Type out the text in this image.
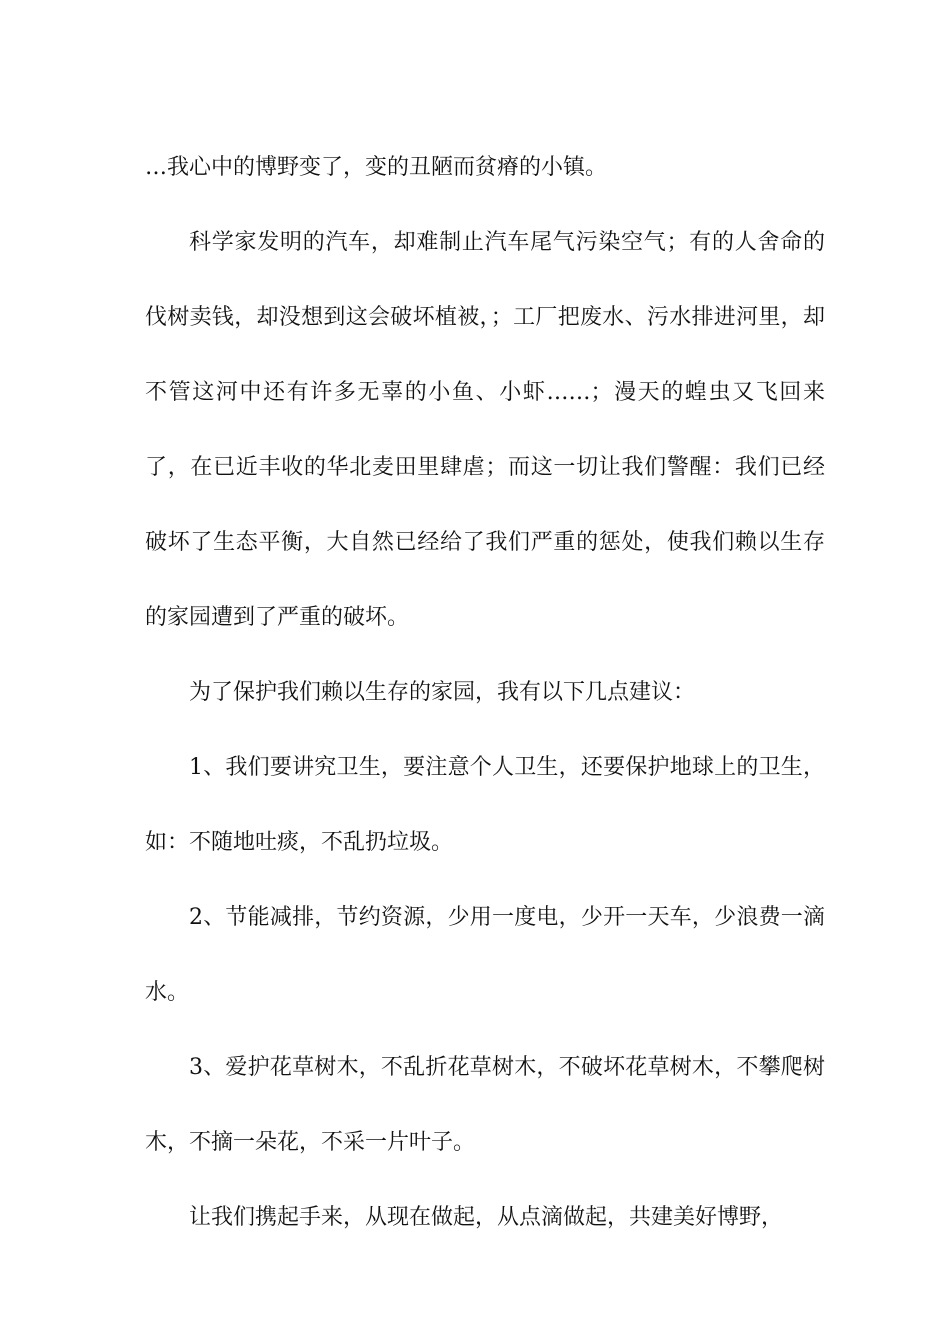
…我心中的博野变了，变的丑陋而贫瘠的小镇。

科学家发明的汽车，却难制止汽车尾气污染空气；有的人舍命的伐树卖钱，却没想到这会破坏植被，；工厂把废水、污水排进河里，却不管这河中还有许多无辜的小鱼、小虾……；漫天的蝗虫又飞回来了，在已近丰收的华北麦田里肆虐；而这一切让我们警醒：我们已经破坏了生态平衡，大自然已经给了我们严重的惩处，使我们赖以生存的家园遭到了严重的破坏。

为了保护我们赖以生存的家园，我有以下几点建议：

1、我们要讲究卫生，要注意个人卫生，还要保护地球上的卫生，如：不随地吐痰，不乱扔垃圾。

2、节能减排，节约资源，少用一度电，少开一天车，少浪费一滴水。

3、爱护花草树木，不乱折花草树木，不破坏花草树木，不攀爬树木，不摘一朵花，不采一片叶子。

让我们携起手来，从现在做起，从点滴做起，共建美好博野，
